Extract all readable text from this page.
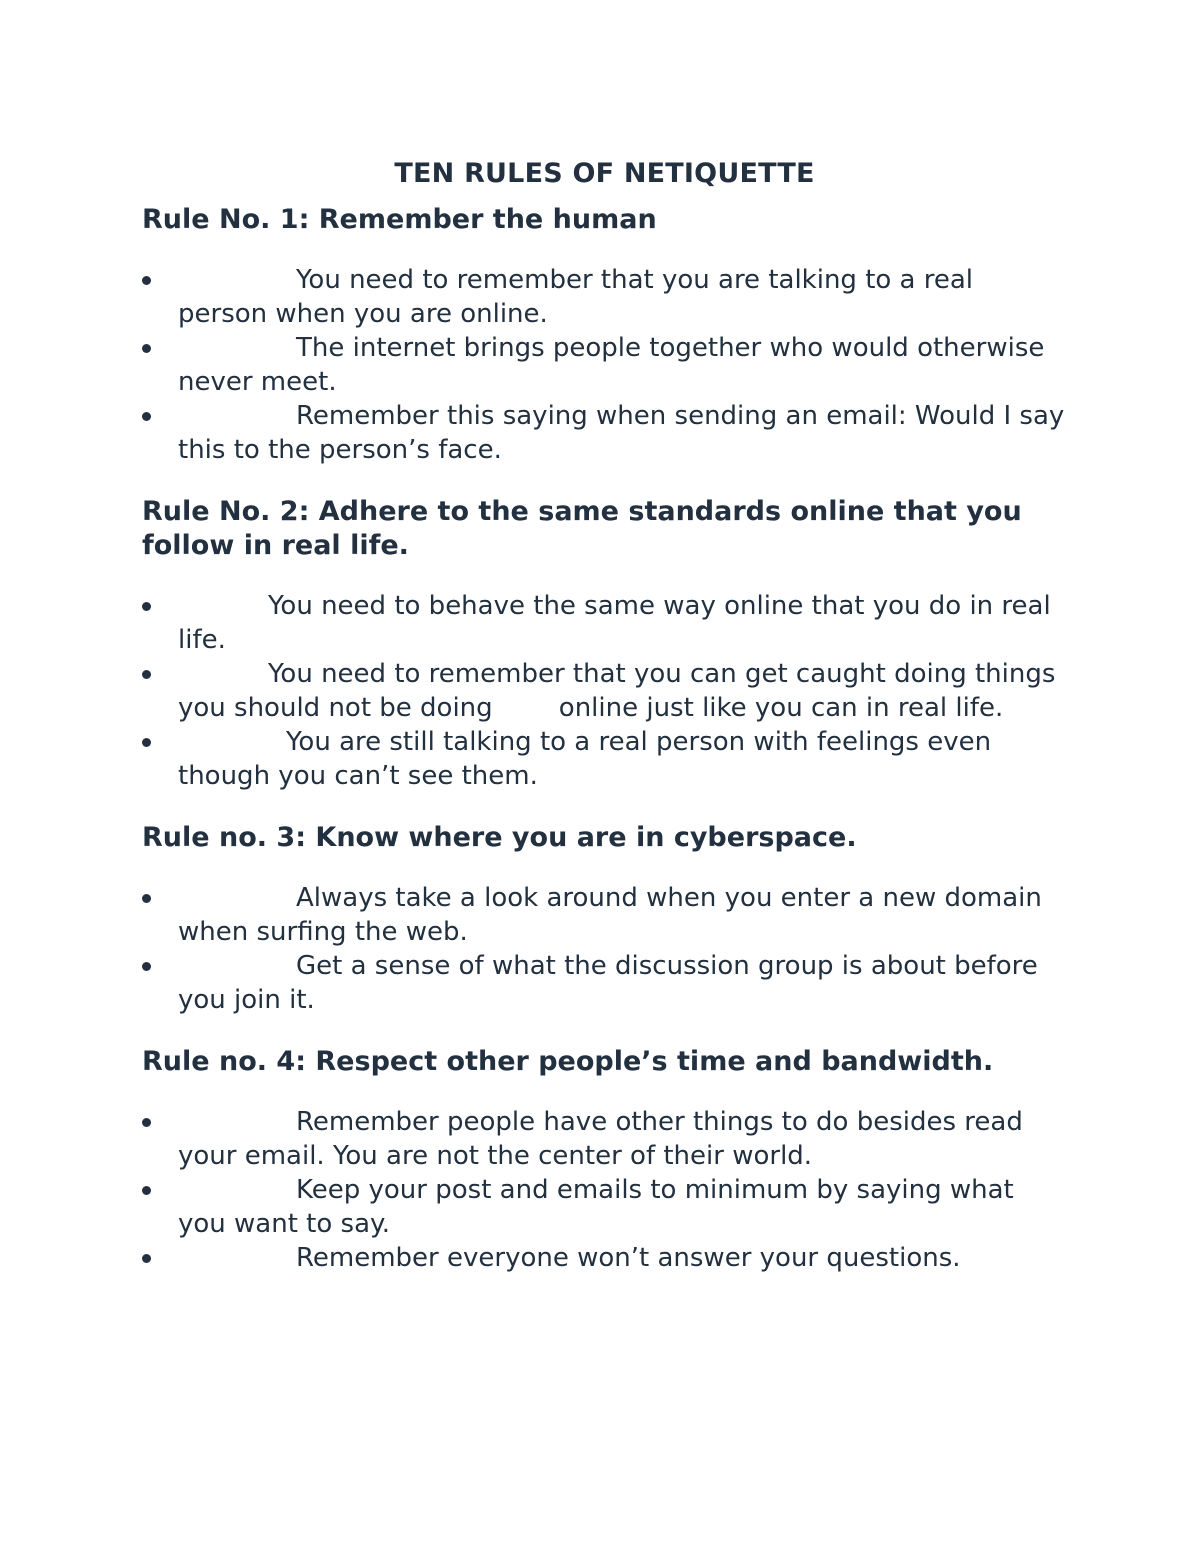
TEN RULES OF NETIQUETTE
Rule No. 1: Remember the human
You need to remember that you are talking to a real person when you are online.
The internet brings people together who would otherwise never meet.
Remember this saying when sending an email: Would I say this to the person’s face.
Rule No. 2: Adhere to the same standards online that you follow in real life.
You need to behave the same way online that you do in real life.
You need to remember that you can get caught doing things you should not be doing        online just like you can in real life.
You are still talking to a real person with feelings even though you can’t see them.
Rule no. 3: Know where you are in cyberspace.
Always take a look around when you enter a new domain when surfing the web.
Get a sense of what the discussion group is about before you join it.
Rule no. 4: Respect other people’s time and bandwidth.
Remember people have other things to do besides read your email. You are not the center of their world.
Keep your post and emails to minimum by saying what you want to say.
Remember everyone won’t answer your questions.
